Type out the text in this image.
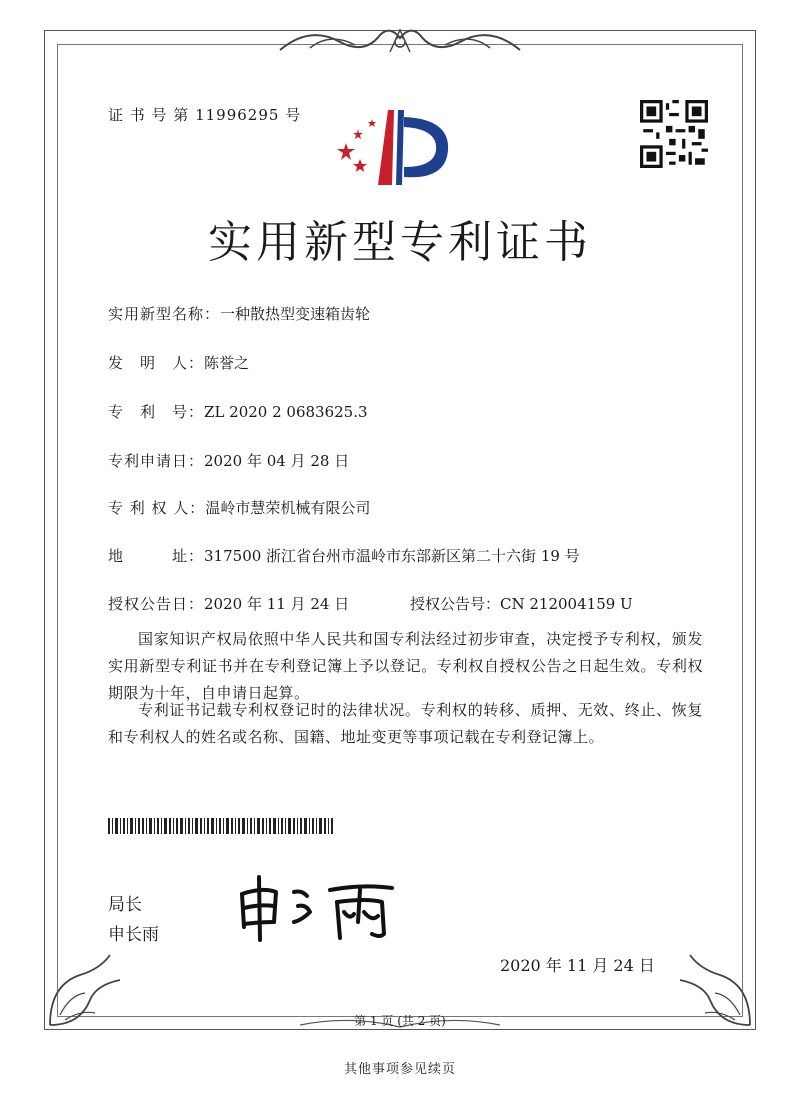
证 书 号 第 11996295 号
实用新型专利证书
实用新型名称：一种散热型变速箱齿轮
发　明　人：陈誉之
专　利　号：ZL 2020 2 0683625.3
专利申请日：2020 年 04 月 28 日
专 利 权 人：温岭市慧荣机械有限公司
地　　　址：317500 浙江省台州市温岭市东部新区第二十六街 19 号
授权公告日：2020 年 11 月 24 日	授权公告号：CN 212004159 U
国家知识产权局依照中华人民共和国专利法经过初步审查，决定授予专利权，颁发实用新型专利证书并在专利登记簿上予以登记。专利权自授权公告之日起生效。专利权期限为十年，自申请日起算。
专利证书记载专利权登记时的法律状况。专利权的转移、质押、无效、终止、恢复和专利权人的姓名或名称、国籍、地址变更等事项记载在专利登记簿上。
局长
申长雨
2020 年 11 月 24 日
第 1 页 (共 2 页)
其他事项参见续页
